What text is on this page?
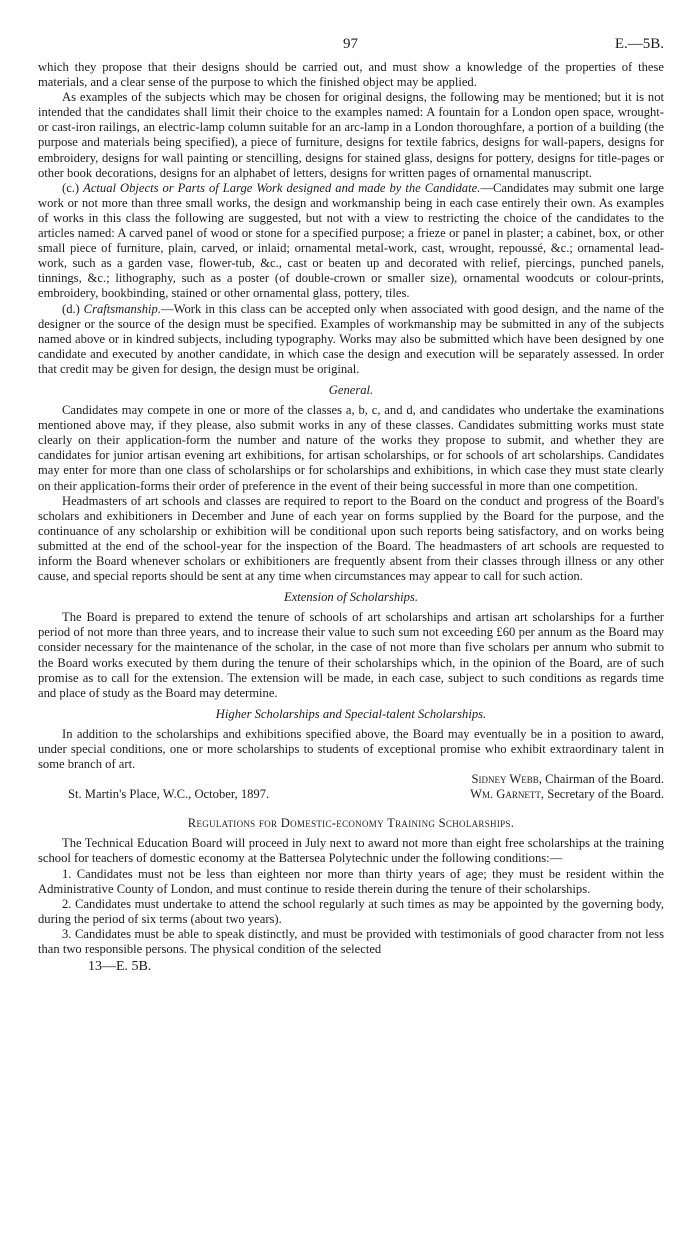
97	E.—5B.

which they propose that their designs should be carried out, and must show a knowledge of the properties of these materials, and a clear sense of the purpose to which the finished object may be applied.

As examples of the subjects which may be chosen for original designs, the following may be mentioned; but it is not intended that the candidates shall limit their choice to the examples named: A fountain for a London open space, wrought- or cast-iron railings, an electric-lamp column suitable for an arc-lamp in a London thoroughfare, a portion of a building (the purpose and materials being specified), a piece of furniture, designs for textile fabrics, designs for wall-papers, designs for embroidery, designs for wall painting or stencilling, designs for stained glass, designs for pottery, designs for title-pages or other book decorations, designs for an alphabet of letters, designs for written pages of ornamental manuscript.

(c.) Actual Objects or Parts of Large Work designed and made by the Candidate.—Candidates may submit one large work or not more than three small works, the design and workmanship being in each case entirely their own. As examples of works in this class the following are suggested, but not with a view to restricting the choice of the candidates to the articles named: A carved panel of wood or stone for a specified purpose; a frieze or panel in plaster; a cabinet, box, or other small piece of furniture, plain, carved, or inlaid; ornamental metal-work, cast, wrought, repoussé, &c.; ornamental lead-work, such as a garden vase, flower-tub, &c., cast or beaten up and decorated with relief, piercings, punched panels, tinnings, &c.; lithography, such as a poster (of double-crown or smaller size), ornamental woodcuts or colour-prints, embroidery, bookbinding, stained or other ornamental glass, pottery, tiles.

(d.) Craftsmanship.—Work in this class can be accepted only when associated with good design, and the name of the designer or the source of the design must be specified. Examples of workmanship may be submitted in any of the subjects named above or in kindred subjects, including typography. Works may also be submitted which have been designed by one candidate and executed by another candidate, in which case the design and execution will be separately assessed. In order that credit may be given for design, the design must be original.

General.

Candidates may compete in one or more of the classes a, b, c, and d, and candidates who undertake the examinations mentioned above may, if they please, also submit works in any of these classes. Candidates submitting works must state clearly on their application-form the number and nature of the works they propose to submit, and whether they are candidates for junior artisan evening art exhibitions, for artisan scholarships, or for schools of art scholarships. Candidates may enter for more than one class of scholarships or for scholarships and exhibitions, in which case they must state clearly on their application-forms their order of preference in the event of their being successful in more than one competition.

Headmasters of art schools and classes are required to report to the Board on the conduct and progress of the Board's scholars and exhibitioners in December and June of each year on forms supplied by the Board for the purpose, and the continuance of any scholarship or exhibition will be conditional upon such reports being satisfactory, and on works being submitted at the end of the school-year for the inspection of the Board. The headmasters of art schools are requested to inform the Board whenever scholars or exhibitioners are frequently absent from their classes through illness or any other cause, and special reports should be sent at any time when circumstances may appear to call for such action.

Extension of Scholarships.

The Board is prepared to extend the tenure of schools of art scholarships and artisan art scholarships for a further period of not more than three years, and to increase their value to such sum not exceeding £60 per annum as the Board may consider necessary for the maintenance of the scholar, in the case of not more than five scholars per annum who submit to the Board works executed by them during the tenure of their scholarships which, in the opinion of the Board, are of such promise as to call for the extension. The extension will be made, in each case, subject to such conditions as regards time and place of study as the Board may determine.

Higher Scholarships and Special-talent Scholarships.

In addition to the scholarships and exhibitions specified above, the Board may eventually be in a position to award, under special conditions, one or more scholarships to students of exceptional promise who exhibit extraordinary talent in some branch of art.

Sidney Webb, Chairman of the Board.
St. Martin's Place, W.C., October, 1897.	Wm. Garnett, Secretary of the Board.
Regulations for Domestic-economy Training Scholarships.

The Technical Education Board will proceed in July next to award not more than eight free scholarships at the training school for teachers of domestic economy at the Battersea Polytechnic under the following conditions:—

1. Candidates must not be less than eighteen nor more than thirty years of age; they must be resident within the Administrative County of London, and must continue to reside therein during the tenure of their scholarships.

2. Candidates must undertake to attend the school regularly at such times as may be appointed by the governing body, during the period of six terms (about two years).

3. Candidates must be able to speak distinctly, and must be provided with testimonials of good character from not less than two responsible persons. The physical condition of the selected

13—E. 5B.
